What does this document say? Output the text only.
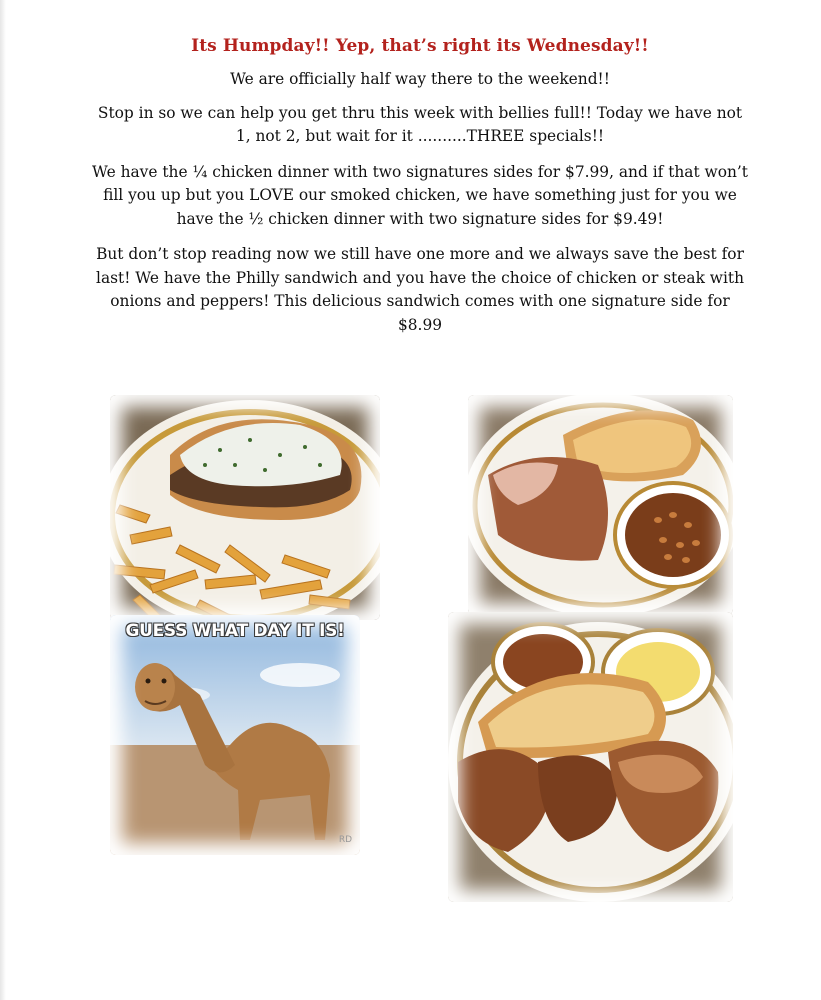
Its Humpday!! Yep, that’s right its Wednesday!!
We are officially half way there to the weekend!!
Stop in so we can help you get thru this week with bellies full!! Today we have not 1, not 2, but wait for it ..........THREE specials!!
We have the ¼ chicken dinner with two signatures sides for $7.99, and if that won’t fill you up but you LOVE our smoked chicken, we have something just for you we have the ½ chicken dinner with two signature sides for $9.49!
But don’t stop reading now we still have one more and we always save the best for last! We have the Philly sandwich and you have the choice of chicken or steak with onions and peppers! This delicious sandwich comes with one signature side for $8.99
GUESS WHAT DAY IT IS!
RD
